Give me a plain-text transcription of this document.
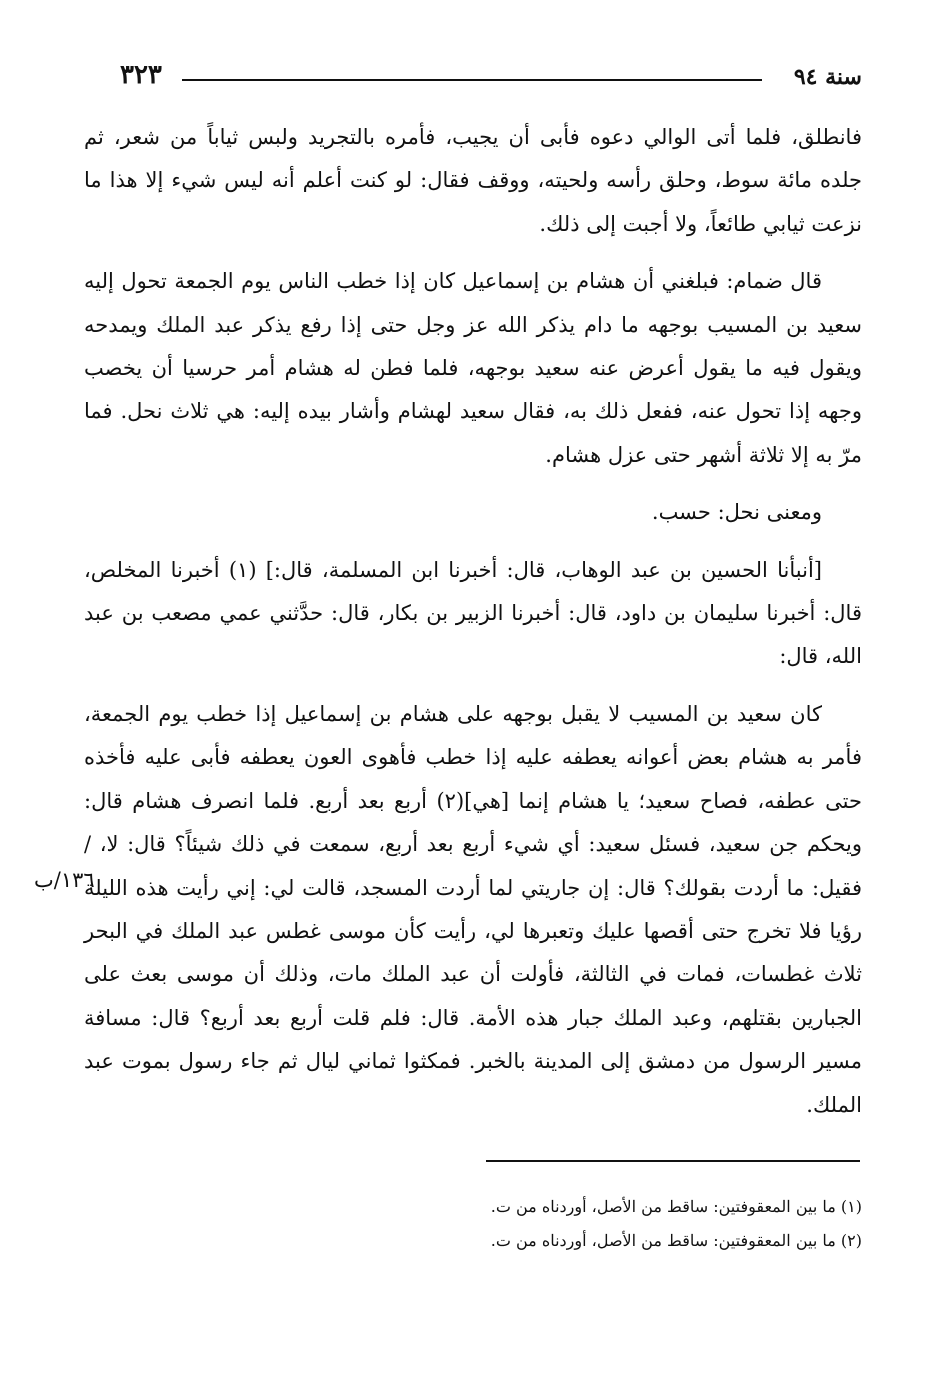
سنة ٩٤
٣٢٣

فانطلق، فلما أتى الوالي دعوه فأبى أن يجيب، فأمره بالتجريد ولبس ثياباً من شعر، ثم جلده مائة سوط، وحلق رأسه ولحيته، ووقف فقال: لو كنت أعلم أنه ليس شيء إلا هذا ما نزعت ثيابي طائعاً، ولا أجبت إلى ذلك.

قال ضمام: فبلغني أن هشام بن إسماعيل كان إذا خطب الناس يوم الجمعة تحول إليه سعيد بن المسيب بوجهه ما دام يذكر الله عز وجل حتى إذا رفع يذكر عبد الملك ويمدحه ويقول فيه ما يقول أعرض عنه سعيد بوجهه، فلما فطن له هشام أمر حرسيا أن يخصب وجهه إذا تحول عنه، ففعل ذلك به، فقال سعيد لهشام وأشار بيده إليه: هي ثلاث نحل. فما مرّ به إلا ثلاثة أشهر حتى عزل هشام.

ومعنى نحل: حسب.

[أنبأنا الحسين بن عبد الوهاب، قال: أخبرنا ابن المسلمة، قال:] (١) أخبرنا المخلص، قال: أخبرنا سليمان بن داود، قال: أخبرنا الزبير بن بكار، قال: حدَّثني عمي مصعب بن عبد الله، قال:

كان سعيد بن المسيب لا يقبل بوجهه على هشام بن إسماعيل إذا خطب يوم الجمعة، فأمر به هشام بعض أعوانه يعطفه عليه إذا خطب فأهوى العون يعطفه فأبى عليه فأخذه حتى عطفه، فصاح سعيد؛ يا هشام إنما [هي](٢) أربع بعد أربع. فلما انصرف هشام قال: ويحكم جن سعيد، فسئل سعيد: أي شيء أربع بعد أربع، سمعت في ذلك شيئاً؟ قال: لا، / فقيل: ما أردت بقولك؟ قال: إن جاريتي لما أردت المسجد، قالت لي: إني رأيت هذه الليلة رؤيا فلا تخرج حتى أقصها عليك وتعبرها لي، رأيت كأن موسى غطس عبد الملك في البحر ثلاث غطسات، فمات في الثالثة، فأولت أن عبد الملك مات، وذلك أن موسى بعث على الجبارين بقتلهم، وعبد الملك جبار هذه الأمة. قال: فلم قلت أربع بعد أربع؟ قال: مسافة مسير الرسول من دمشق إلى المدينة بالخبر. فمكثوا ثماني ليال ثم جاء رسول بموت عبد الملك.

١٣٦/ب
(١) ما بين المعقوفتين: ساقط من الأصل، أوردناه من ت.
(٢) ما بين المعقوفتين: ساقط من الأصل، أوردناه من ت.
